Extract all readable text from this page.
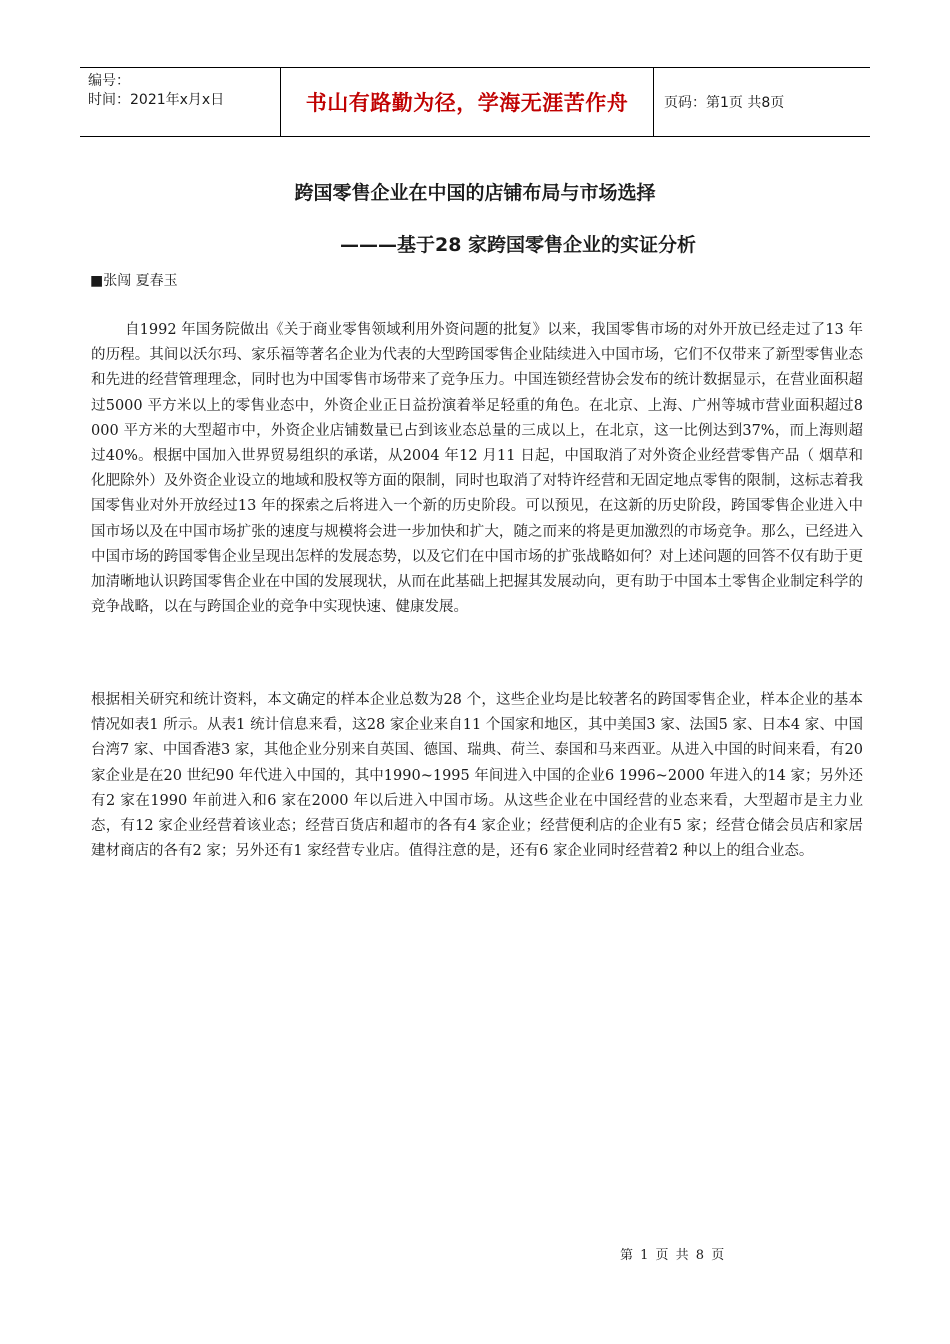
编号：
时间：2021年x月x日	书山有路勤为径，学海无涯苦作舟	页码：第1页 共8页
跨国零售企业在中国的店铺布局与市场选择
———基于28 家跨国零售企业的实证分析
■张闯 夏春玉

自1992 年国务院做出《关于商业零售领域利用外资问题的批复》以来，我国零售市场的对外开放已经走过了13 年的历程。其间以沃尔玛、家乐福等著名企业为代表的大型跨国零售企业陆续进入中国市场，它们不仅带来了新型零售业态和先进的经营管理理念，同时也为中国零售市场带来了竞争压力。中国连锁经营协会发布的统计数据显示，在营业面积超过5000 平方米以上的零售业态中，外资企业正日益扮演着举足轻重的角色。在北京、上海、广州等城市营业面积超过8 000 平方米的大型超市中，外资企业店铺数量已占到该业态总量的三成以上，在北京，这一比例达到37%，而上海则超过40%。根据中国加入世界贸易组织的承诺，从2004 年12 月11 日起，中国取消了对外资企业经营零售产品（ 烟草和化肥除外）及外资企业设立的地域和股权等方面的限制，同时也取消了对特许经营和无固定地点零售的限制，这标志着我国零售业对外开放经过13 年的探索之后将进入一个新的历史阶段。可以预见，在这新的历史阶段，跨国零售企业进入中国市场以及在中国市场扩张的速度与规模将会进一步加快和扩大，随之而来的将是更加激烈的市场竞争。那么，已经进入中国市场的跨国零售企业呈现出怎样的发展态势，以及它们在中国市场的扩张战略如何？对上述问题的回答不仅有助于更加清晰地认识跨国零售企业在中国的发展现状，从而在此基础上把握其发展动向，更有助于中国本土零售企业制定科学的竞争战略，以在与跨国企业的竞争中实现快速、健康发展。

根据相关研究和统计资料，本文确定的样本企业总数为28 个，这些企业均是比较著名的跨国零售企业，样本企业的基本情况如表1 所示。从表1 统计信息来看，这28 家企业来自11 个国家和地区，其中美国3 家、法国5 家、日本4 家、中国台湾7 家、中国香港3 家，其他企业分别来自英国、德国、瑞典、荷兰、泰国和马来西亚。从进入中国的时间来看，有20家企业是在20 世纪90 年代进入中国的，其中1990~1995 年间进入中国的企业6 1996~2000 年进入的14 家；另外还有2 家在1990 年前进入和6 家在2000 年以后进入中国市场。从这些企业在中国经营的业态来看，大型超市是主力业态，有12 家企业经营着该业态；经营百货店和超市的各有4 家企业；经营便利店的企业有5 家；经营仓储会员店和家居建材商店的各有2 家；另外还有1 家经营专业店。值得注意的是，还有6 家企业同时经营着2 种以上的组合业态。

第 1 页 共 8 页
